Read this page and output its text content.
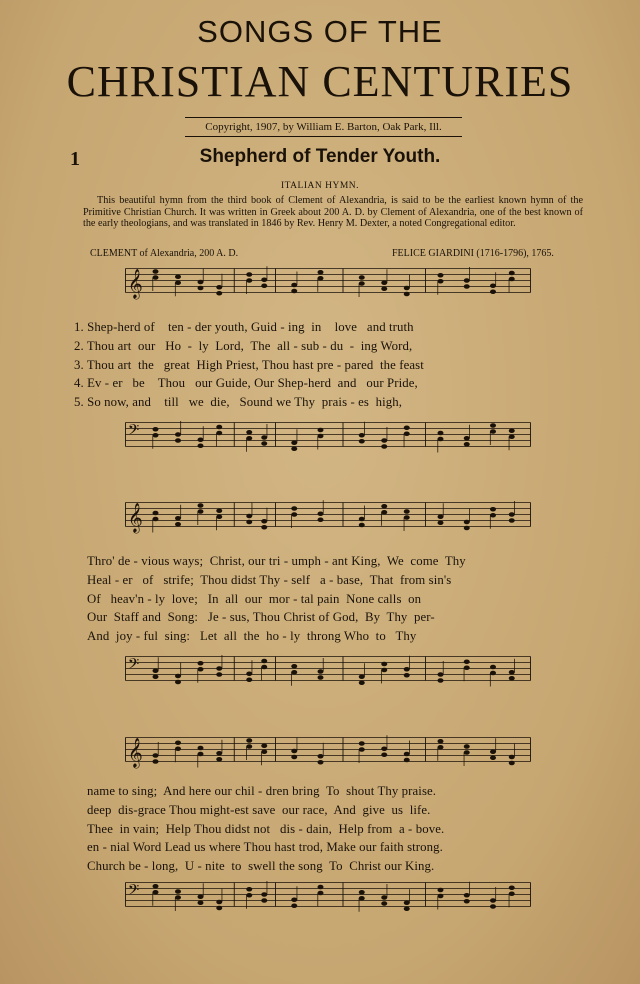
SONGS OF THE
CHRISTIAN CENTURIES
Copyright, 1907, by William E. Barton, Oak Park, Ill.
1	Shepherd of Tender Youth.
ITALIAN HYMN.
This beautiful hymn from the third book of Clement of Alexandria, is said to be the earliest known hymn of the Primitive Christian Church. It was written in Greek about 200 A. D. by Clement of Alexandria, one of the best known of the early theologians, and was translated in 1846 by Rev. Henry M. Dexter, a noted Congregational editor.
CLEMENT of Alexandria, 200 A. D.	FELICE GIARDINI (1716-1796), 1765.
𝄞
1. Shep-herd of    ten - der youth, Guid - ing  in    love   and truth
2. Thou art  our   Ho  -  ly  Lord,  The  all - sub - du  -  ing Word,
3. Thou art  the   great  High Priest, Thou hast pre - pared  the feast
4. Ev - er   be    Thou   our Guide, Our Shep-herd  and   our Pride,
5. So now, and    till   we  die,   Sound we Thy  prais - es  high,
𝄢
𝄞
Thro' de - vious ways;  Christ, our tri - umph - ant King,  We  come  Thy
Heal - er   of   strife;  Thou didst Thy - self   a - base,  That  from sin's
Of   heav'n - ly  love;   In  all  our  mor - tal pain  None calls  on
Our  Staff and  Song:   Je - sus, Thou Christ of God,  By  Thy  per-
And  joy - ful  sing:   Let  all  the  ho - ly  throng Who  to   Thy
𝄢
𝄞
name to sing;  And here our chil - dren bring  To  shout Thy praise.
deep  dis-grace Thou might-est save  our race,  And  give  us  life.
Thee  in vain;  Help Thou didst not   dis - dain,  Help from  a - bove.
en - nial Word Lead us where Thou hast trod, Make our faith strong.
Church be - long,  U - nite  to  swell the song  To  Christ our King.
𝄢
